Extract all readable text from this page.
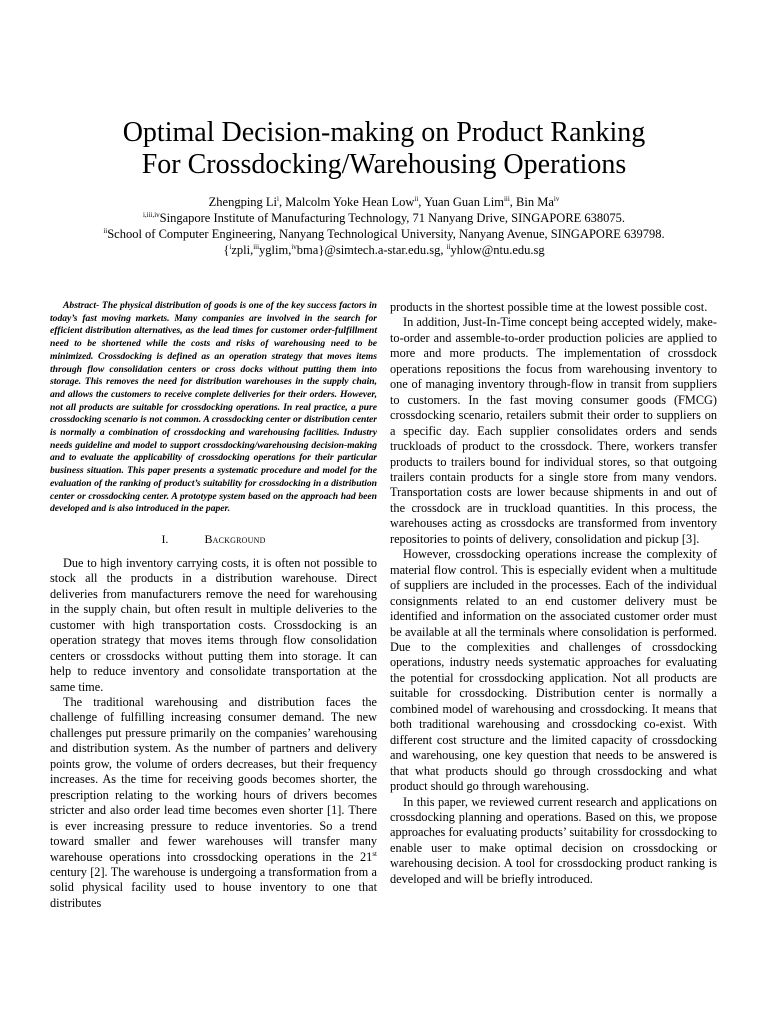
Optimal Decision-making on Product Ranking
For Crossdocking/Warehousing Operations
Zhengping Li$^i$, Malcolm Yoke Hean Low$^{ii}$, Yuan Guan Lim$^{iii}$, Bin Ma$^{iv}$
$^{i,iii,iv}$Singapore Institute of Manufacturing Technology, 71 Nanyang Drive, SINGAPORE 638075.
$^{ii}$School of Computer Engineering, Nanyang Technological University, Nanyang Avenue, SINGAPORE 639798.
{$^i$zpli,$^{iii}$yglim,$^{iv}$bma}@simtech.a-star.edu.sg, $^{ii}$yhlow@ntu.edu.sg

Abstract- The physical distribution of goods is one of the key success factors in today’s fast moving markets. Many companies are involved in the search for efficient distribution alternatives, as the lead times for customer order-fulfillment need to be shortened while the costs and risks of warehousing need to be minimized. Crossdocking is defined as an operation strategy that moves items through flow consolidation centers or cross docks without putting them into storage. This removes the need for distribution warehouses in the supply chain, and allows the customers to receive complete deliveries for their orders. However, not all products are suitable for crossdocking operations. In real practice, a pure crossdocking scenario is not common. A crossdocking center or distribution center is normally a combination of crossdocking and warehousing facilities. Industry needs guideline and model to support crossdocking/warehousing decision-making and to evaluate the applicability of crossdocking operations for their particular business situation. This paper presents a systematic procedure and model for the evaluation of the ranking of product’s suitability for crossdocking in a distribution center or crossdocking center. A prototype system based on the approach had been developed and is also introduced in the paper.

I.	Background

Due to high inventory carrying costs, it is often not possible to stock all the products in a distribution warehouse. Direct deliveries from manufacturers remove the need for warehousing in the supply chain, but often result in multiple deliveries to the customer with high transportation costs. Crossdocking is an operation strategy that moves items through flow consolidation centers or crossdocks without putting them into storage. It can help to reduce inventory and consolidate transportation at the same time.

The traditional warehousing and distribution faces the challenge of fulfilling increasing consumer demand. The new challenges put pressure primarily on the companies’ warehousing and distribution system. As the number of partners and delivery points grow, the volume of orders decreases, but their frequency increases. As the time for receiving goods becomes shorter, the prescription relating to the working hours of drivers becomes stricter and also order lead time becomes even shorter [1]. There is ever increasing pressure to reduce inventories. So a trend toward smaller and fewer warehouses will transfer many warehouse operations into crossdocking operations in the 21st century [2]. The warehouse is undergoing a transformation from a solid physical facility used to house inventory to one that distributes

products in the shortest possible time at the lowest possible cost.

In addition, Just-In-Time concept being accepted widely, make-to-order and assemble-to-order production policies are applied to more and more products. The implementation of crossdock operations repositions the focus from warehousing inventory to one of managing inventory through-flow in transit from suppliers to customers. In the fast moving consumer goods (FMCG) crossdocking scenario, retailers submit their order to suppliers on a specific day. Each supplier consolidates orders and sends truckloads of product to the crossdock. There, workers transfer products to trailers bound for individual stores, so that outgoing trailers contain products for a single store from many vendors. Transportation costs are lower because shipments in and out of the crossdock are in truckload quantities. In this process, the warehouses acting as crossdocks are transformed from inventory repositories to points of delivery, consolidation and pickup [3].

However, crossdocking operations increase the complexity of material flow control. This is especially evident when a multitude of suppliers are included in the processes. Each of the individual consignments related to an end customer delivery must be identified and information on the associated customer order must be available at all the terminals where consolidation is performed. Due to the complexities and challenges of crossdocking operations, industry needs systematic approaches for evaluating the potential for crossdocking application. Not all products are suitable for crossdocking. Distribution center is normally a combined model of warehousing and crossdocking. It means that both traditional warehousing and crossdocking co-exist. With different cost structure and the limited capacity of crossdocking and warehousing, one key question that needs to be answered is that what products should go through crossdocking and what product should go through warehousing.

In this paper, we reviewed current research and applications on crossdocking planning and operations. Based on this, we propose approaches for evaluating products’ suitability for crossdocking to enable user to make optimal decision on crossdocking or warehousing decision. A tool for crossdocking product ranking is developed and will be briefly introduced.
